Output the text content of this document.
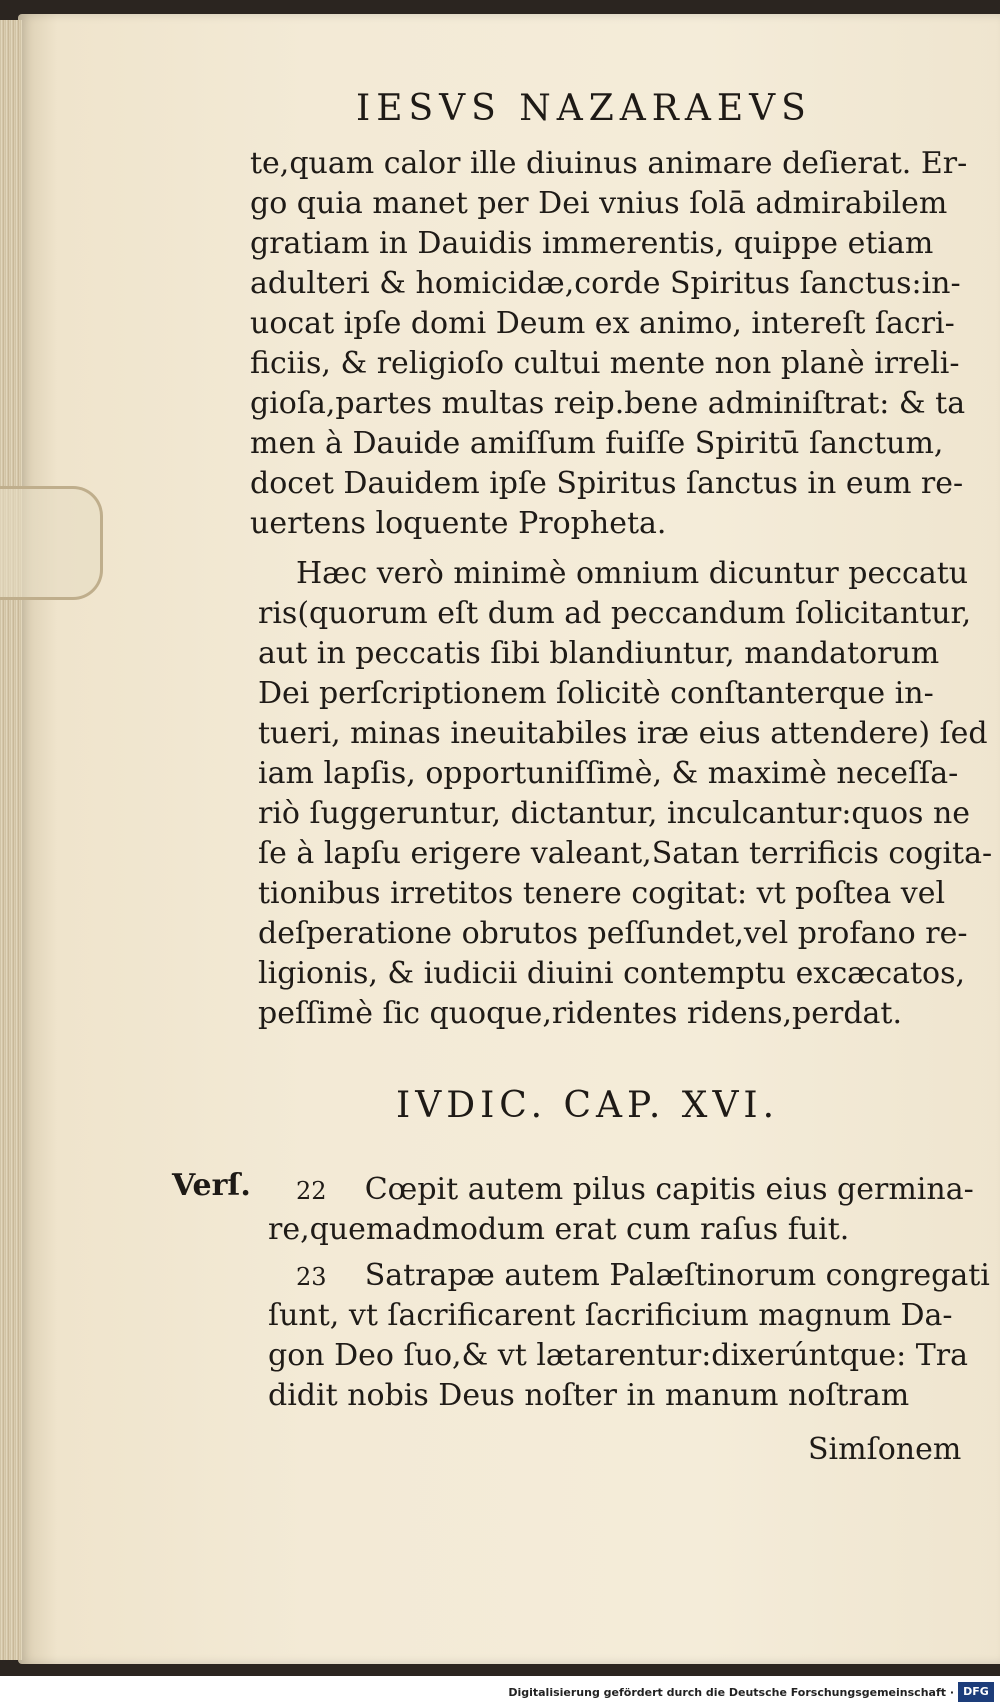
IESVS NAZARAEVS
te,quam calor ille diuinus animare deſierat. Er-
go quia manet per Dei vnius ſolā admirabilem
gratiam in Dauidis immerentis, quippe etiam
adulteri & homicidæ,corde Spiritus ſanctus:in-
uocat ipſe domi Deum ex animo, intereſt ſacri-
ficiis, & religioſo cultui mente non planè irreli-
gioſa,partes multas reip.bene adminiſtrat: & ta
men à Dauide amiſſum fuiſſe Spiritū ſanctum,
docet Dauidem ipſe Spiritus ſanctus in eum re-
uertens loquente Propheta.
Hæc verò minimè omnium dicuntur peccatu
ris(quorum eſt dum ad peccandum ſolicitantur,
aut in peccatis ſibi blandiuntur, mandatorum
Dei perſcriptionem ſolicitè conſtanterque in-
tueri, minas ineuitabiles iræ eius attendere) ſed
iam lapſis, opportuniſſimè, & maximè neceſſa-
riò ſuggeruntur, dictantur, inculcantur:quos ne
ſe à lapſu erigere valeant,Satan terrificis cogita-
tionibus irretitos tenere cogitat: vt poſtea vel
deſperatione obrutos peſſundet,vel profano re-
ligionis, & iudicii diuini contemptu excæcatos,
peſſimè ſic quoque,ridentes ridens,perdat.
IVDIC. CAP. XVI.
Verſ. 22 Cœpit autem pilus capitis eius germina-
re,quemadmodum erat cum raſus fuit.
23 Satrapæ autem Palæſtinorum congregati
ſunt, vt ſacrificarent ſacrificium magnum Da-
gon Deo ſuo,& vt lætarentur:dixerúntque: Tra
didit nobis Deus noſter in manum noſtram
Simſonem
Digitalisierung gefördert durch die Deutsche Forschungsgemeinschaft · DFG
